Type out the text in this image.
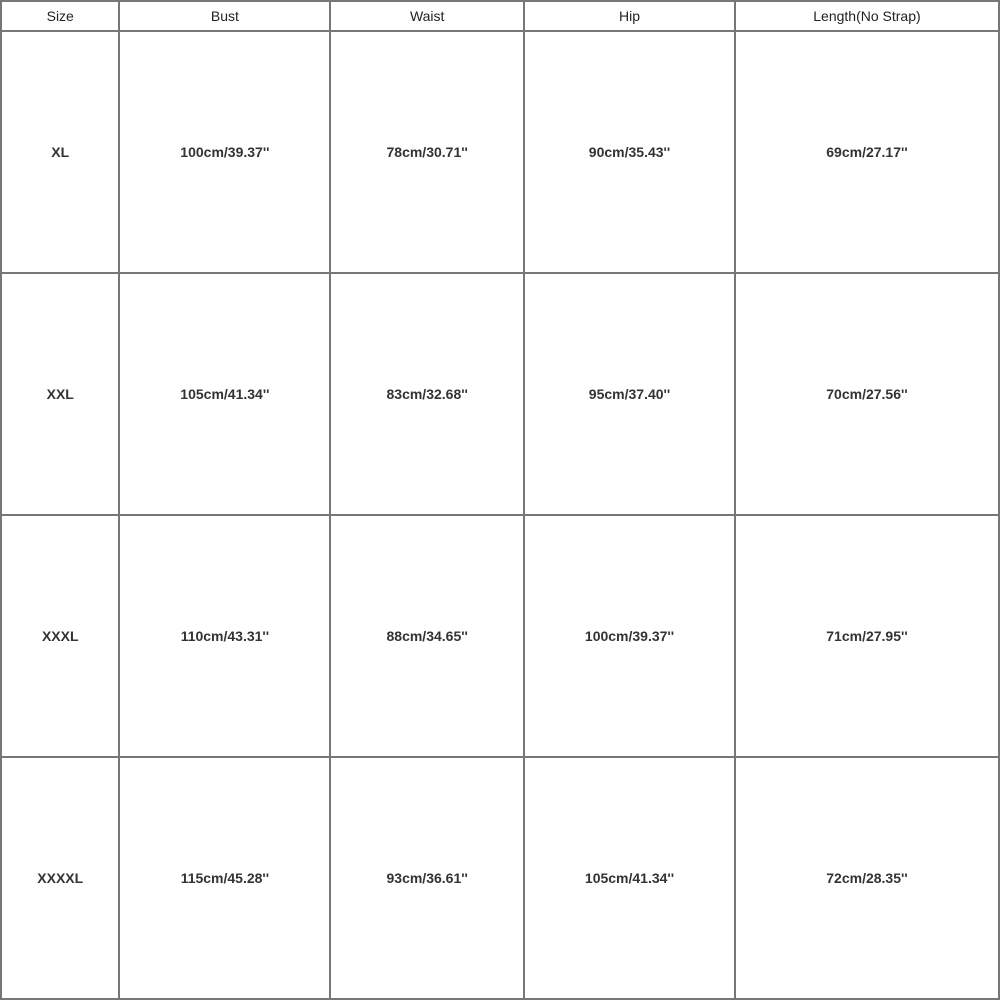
Size	Bust	Waist	Hip	Length(No Strap)
XL	100cm/39.37''	78cm/30.71''	90cm/35.43''	69cm/27.17''
XXL	105cm/41.34''	83cm/32.68''	95cm/37.40''	70cm/27.56''
XXXL	110cm/43.31''	88cm/34.65''	100cm/39.37''	71cm/27.95''
XXXXL	115cm/45.28''	93cm/36.61''	105cm/41.34''	72cm/28.35''
